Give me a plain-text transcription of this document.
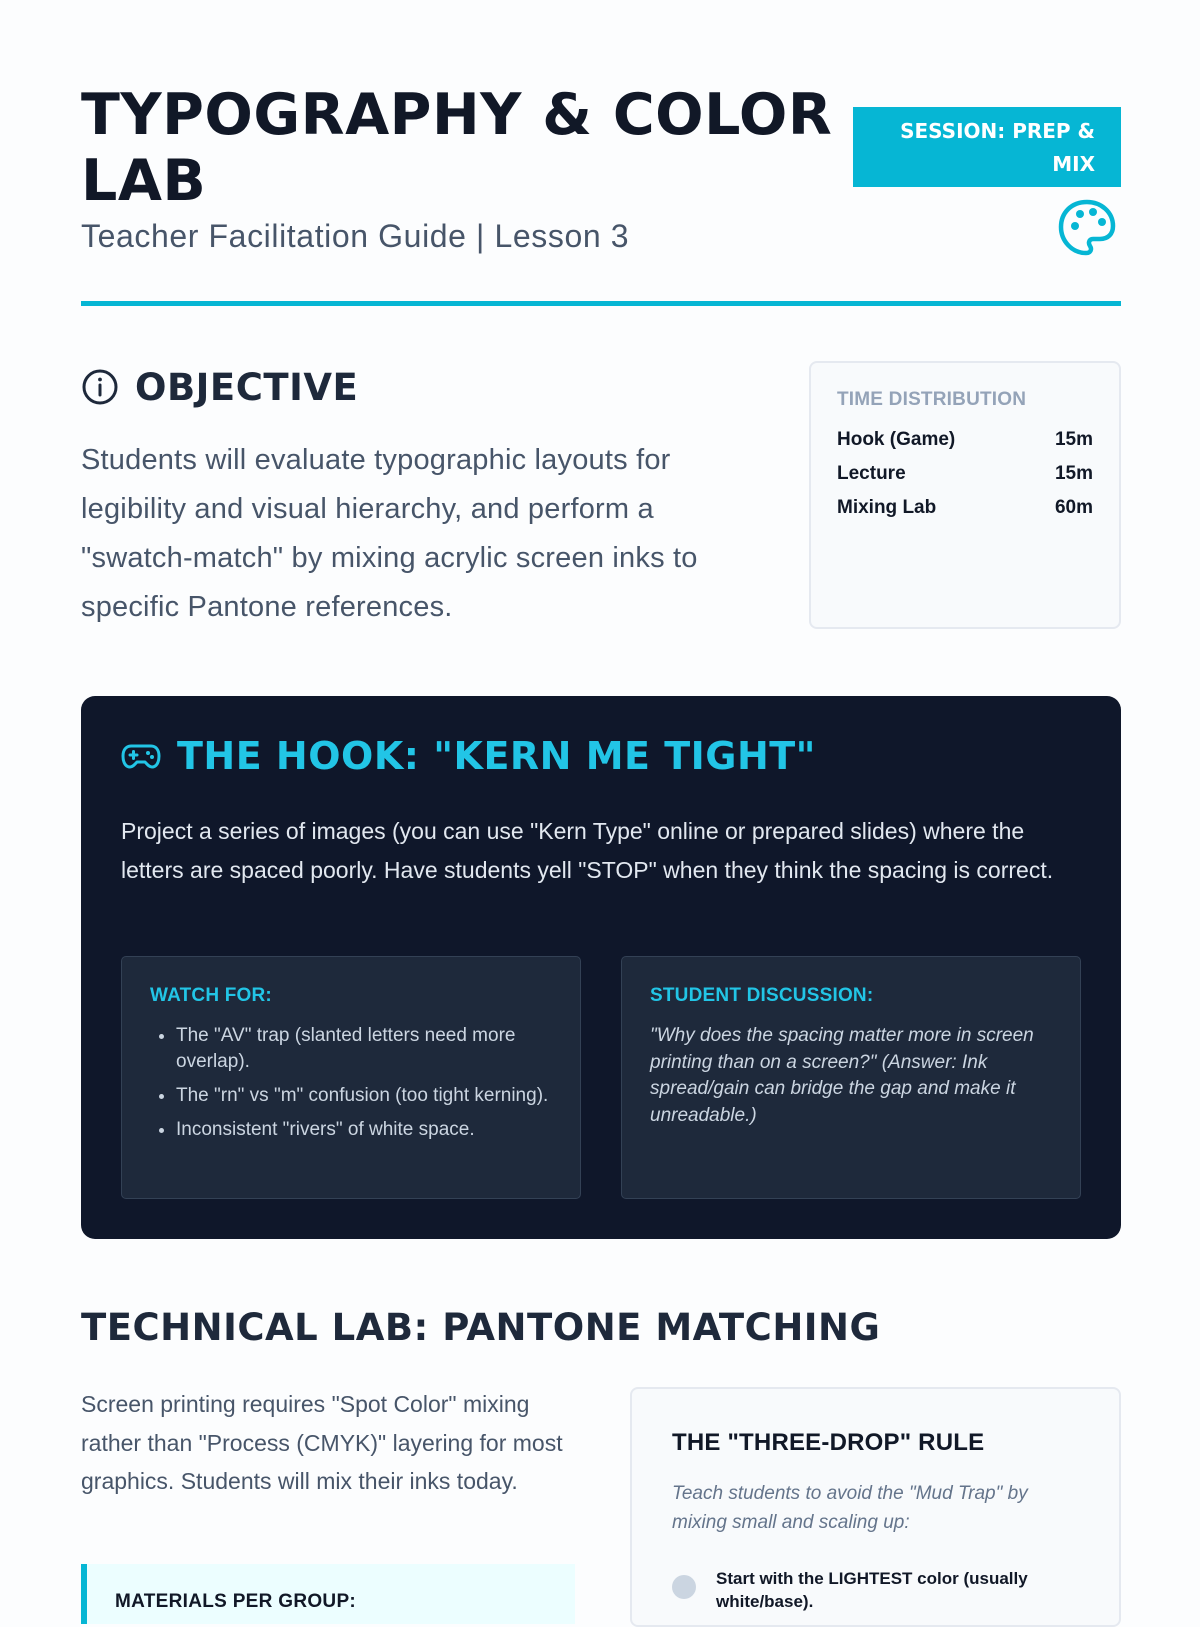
TYPOGRAPHY & COLOR LAB
Teacher Facilitation Guide | Lesson 3
SESSION: PREP & MIX
OBJECTIVE
Students will evaluate typographic layouts for legibility and visual hierarchy, and perform a "swatch-match" by mixing acrylic screen inks to specific Pantone references.
TIME DISTRIBUTION
Hook (Game)	15m
Lecture	15m
Mixing Lab	60m
THE HOOK: "KERN ME TIGHT"
Project a series of images (you can use "Kern Type" online or prepared slides) where the letters are spaced poorly. Have students yell "STOP" when they think the spacing is correct.
WATCH FOR:
• The "AV" trap (slanted letters need more overlap).
• The "rn" vs "m" confusion (too tight kerning).
• Inconsistent "rivers" of white space.
STUDENT DISCUSSION:
"Why does the spacing matter more in screen printing than on a screen?" (Answer: Ink spread/gain can bridge the gap and make it unreadable.)
TECHNICAL LAB: PANTONE MATCHING
Screen printing requires "Spot Color" mixing rather than "Process (CMYK)" layering for most graphics. Students will mix their inks today.
MATERIALS PER GROUP:
THE "THREE-DROP" RULE
Teach students to avoid the "Mud Trap" by mixing small and scaling up:
Start with the LIGHTEST color (usually white/base).
